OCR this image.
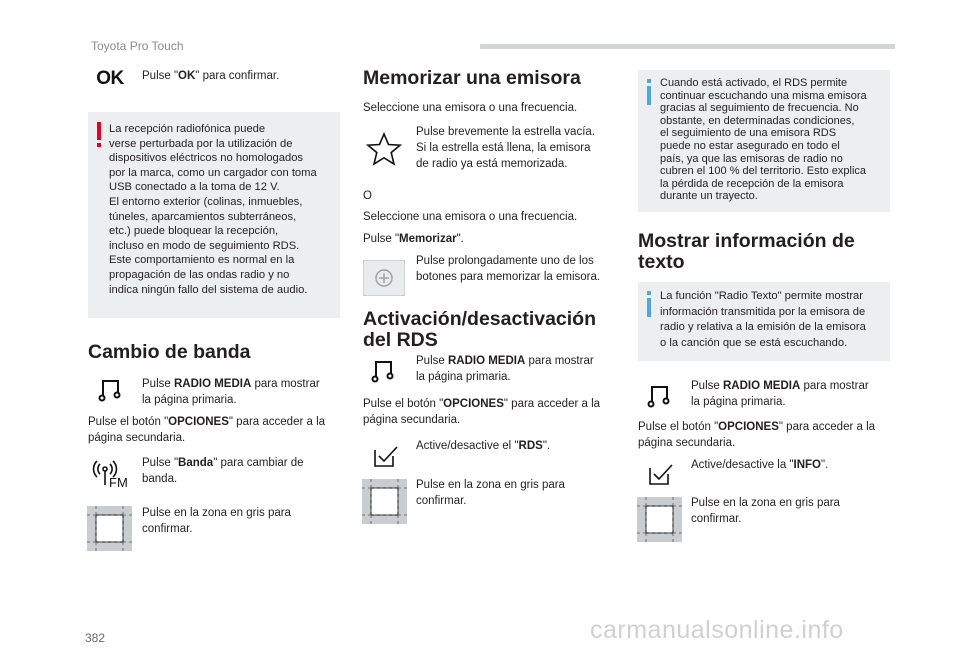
Toyota Pro Touch
OK Pulse "OK" para confirmar.
La recepción radiofónica puede
verse perturbada por la utilización de
dispositivos eléctricos no homologados
por la marca, como un cargador con toma
USB conectado a la toma de 12 V.
El entorno exterior (colinas, inmuebles,
túneles, aparcamientos subterráneos,
etc.) puede bloquear la recepción,
incluso en modo de seguimiento RDS.
Este comportamiento es normal en la
propagación de las ondas radio y no
indica ningún fallo del sistema de audio.
Cambio de banda
Pulse RADIO MEDIA para mostrar
la página primaria.
Pulse el botón "OPCIONES" para acceder a la
página secundaria.
FM
Pulse "Banda" para cambiar de
banda.
Pulse en la zona en gris para
confirmar.
Memorizar una emisora
Seleccione una emisora o una frecuencia.
Pulse brevemente la estrella vacía.
Si la estrella está llena, la emisora
de radio ya está memorizada.
O
Seleccione una emisora o una frecuencia.
Pulse "Memorizar".
Pulse prolongadamente uno de los
botones para memorizar la emisora.
Activación/desactivación
del RDS
Pulse RADIO MEDIA para mostrar
la página primaria.
Pulse el botón "OPCIONES" para acceder a la
página secundaria.
Active/desactive el "RDS".
Pulse en la zona en gris para
confirmar.
Cuando está activado, el RDS permite
continuar escuchando una misma emisora
gracias al seguimiento de frecuencia. No
obstante, en determinadas condiciones,
el seguimiento de una emisora RDS
puede no estar asegurado en todo el
país, ya que las emisoras de radio no
cubren el 100 % del territorio. Esto explica
la pérdida de recepción de la emisora
durante un trayecto.
Mostrar información de
texto
La función "Radio Texto" permite mostrar
información transmitida por la emisora de
radio y relativa a la emisión de la emisora
o la canción que se está escuchando.
Pulse RADIO MEDIA para mostrar
la página primaria.
Pulse el botón "OPCIONES" para acceder a la
página secundaria.
Active/desactive la "INFO".
Pulse en la zona en gris para
confirmar.
382	carmanualsonline.info
